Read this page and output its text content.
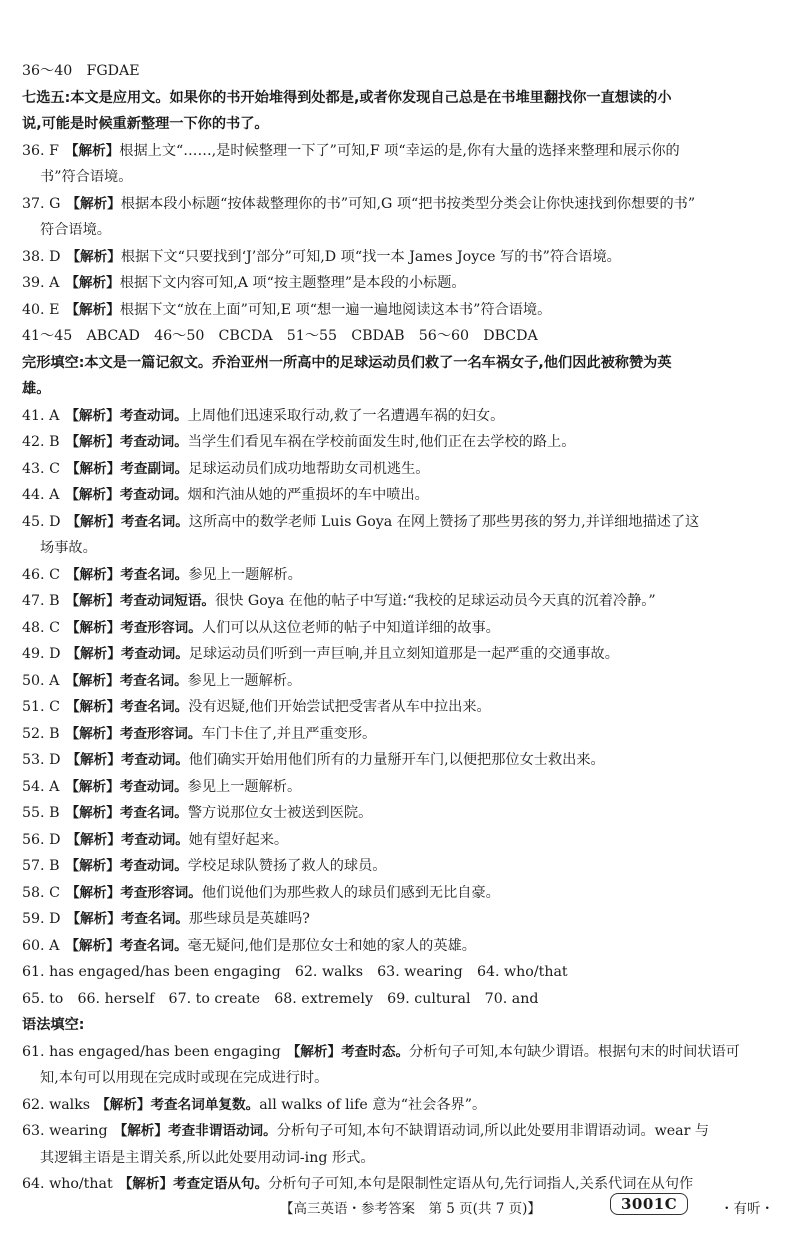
36～40　FGDAE
七选五:本文是应用文。如果你的书开始堆得到处都是,或者你发现自己总是在书堆里翻找你一直想读的小
说,可能是时候重新整理一下你的书了。
36. F 【解析】根据上文“……,是时候整理一下了”可知,F 项“幸运的是,你有大量的选择来整理和展示你的
书”符合语境。
37. G 【解析】根据本段小标题“按体裁整理你的书”可知,G 项“把书按类型分类会让你快速找到你想要的书”
符合语境。
38. D 【解析】根据下文“只要找到‘J’部分”可知,D 项“找一本 James Joyce 写的书”符合语境。
39. A 【解析】根据下文内容可知,A 项“按主题整理”是本段的小标题。
40. E 【解析】根据下文“放在上面”可知,E 项“想一遍一遍地阅读这本书”符合语境。
41～45　ABCAD　46～50　CBCDA　51～55　CBDAB　56～60　DBCDA
完形填空:本文是一篇记叙文。乔治亚州一所高中的足球运动员们救了一名车祸女子,他们因此被称赞为英
雄。
41. A 【解析】考查动词。上周他们迅速采取行动,救了一名遭遇车祸的妇女。
42. B 【解析】考查动词。当学生们看见车祸在学校前面发生时,他们正在去学校的路上。
43. C 【解析】考查副词。足球运动员们成功地帮助女司机逃生。
44. A 【解析】考查动词。烟和汽油从她的严重损坏的车中喷出。
45. D 【解析】考查名词。这所高中的数学老师 Luis Goya 在网上赞扬了那些男孩的努力,并详细地描述了这
场事故。
46. C 【解析】考查名词。参见上一题解析。
47. B 【解析】考查动词短语。很快 Goya 在他的帖子中写道:“我校的足球运动员今天真的沉着冷静。”
48. C 【解析】考查形容词。人们可以从这位老师的帖子中知道详细的故事。
49. D 【解析】考查动词。足球运动员们听到一声巨响,并且立刻知道那是一起严重的交通事故。
50. A 【解析】考查名词。参见上一题解析。
51. C 【解析】考查名词。没有迟疑,他们开始尝试把受害者从车中拉出来。
52. B 【解析】考查形容词。车门卡住了,并且严重变形。
53. D 【解析】考查动词。他们确实开始用他们所有的力量掰开车门,以便把那位女士救出来。
54. A 【解析】考查动词。参见上一题解析。
55. B 【解析】考查名词。警方说那位女士被送到医院。
56. D 【解析】考查动词。她有望好起来。
57. B 【解析】考查动词。学校足球队赞扬了救人的球员。
58. C 【解析】考查形容词。他们说他们为那些救人的球员们感到无比自豪。
59. D 【解析】考查名词。那些球员是英雄吗?
60. A 【解析】考查名词。毫无疑问,他们是那位女士和她的家人的英雄。
61. has engaged/has been engaging　62. walks　63. wearing　64. who/that
65. to　66. herself　67. to create　68. extremely　69. cultural　70. and
语法填空:
61. has engaged/has been engaging 【解析】考查时态。分析句子可知,本句缺少谓语。根据句末的时间状语可
知,本句可以用现在完成时或现在完成进行时。
62. walks 【解析】考查名词单复数。all walks of life 意为“社会各界”。
63. wearing 【解析】考查非谓语动词。分析句子可知,本句不缺谓语动词,所以此处要用非谓语动词。wear 与
其逻辑主语是主谓关系,所以此处要用动词-ing 形式。
64. who/that 【解析】考查定语从句。分析句子可知,本句是限制性定语从句,先行词指人,关系代词在从句作
【高三英语・参考答案　第 5 页(共 7 页)】	3001C	・有听・
